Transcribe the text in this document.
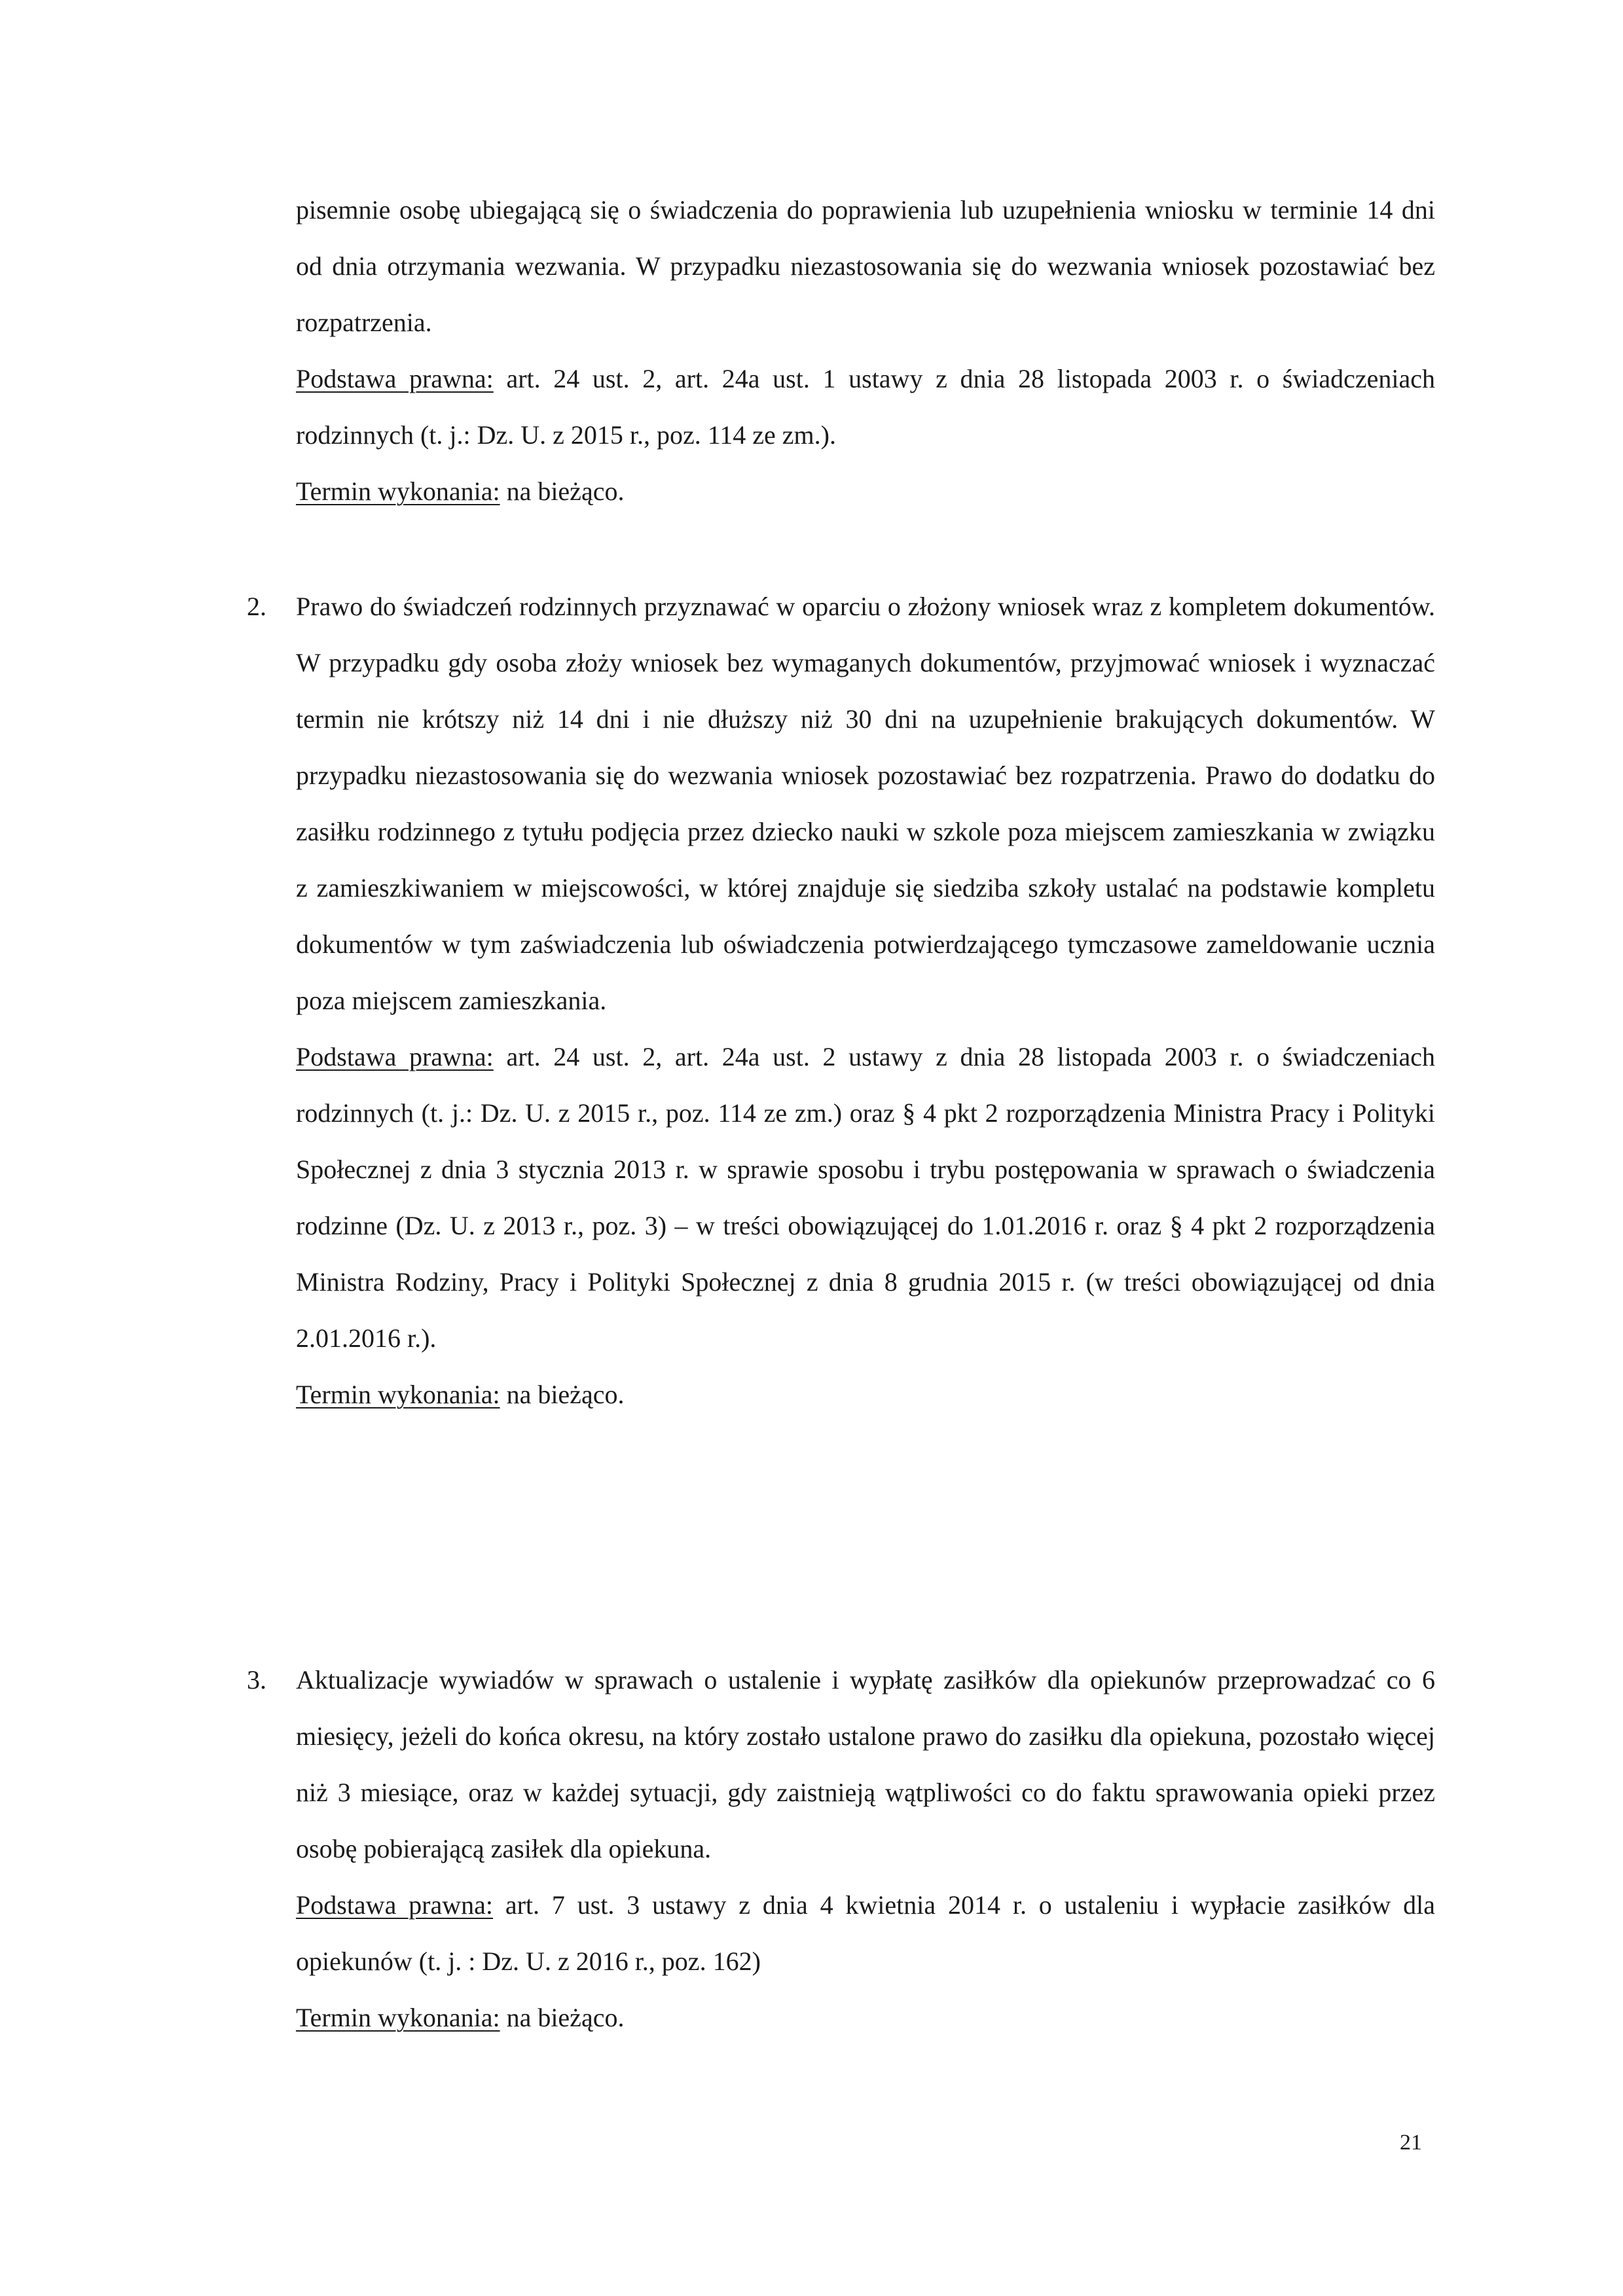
pisemnie osobę ubiegającą się o świadczenia do poprawienia lub uzupełnienia wniosku w terminie 14 dni od dnia otrzymania wezwania. W przypadku niezastosowania się do wezwania wniosek pozostawiać bez rozpatrzenia.

Podstawa prawna: art. 24 ust. 2, art. 24a ust. 1 ustawy z dnia 28 listopada 2003 r. o świadczeniach rodzinnych (t. j.: Dz. U. z 2015 r., poz. 114 ze zm.).

Termin wykonania: na bieżąco.

2. Prawo do świadczeń rodzinnych przyznawać w oparciu o złożony wniosek wraz z kompletem dokumentów. W przypadku gdy osoba złoży wniosek bez wymaganych dokumentów, przyjmować wniosek i wyznaczać termin nie krótszy niż 14 dni i nie dłuższy niż 30 dni na uzupełnienie brakujących dokumentów. W przypadku niezastosowania się do wezwania wniosek pozostawiać bez rozpatrzenia. Prawo do dodatku do zasiłku rodzinnego z tytułu podjęcia przez dziecko nauki w szkole poza miejscem zamieszkania w związku z zamieszkiwaniem w miejscowości, w której znajduje się siedziba szkoły ustalać na podstawie kompletu dokumentów w tym zaświadczenia lub oświadczenia potwierdzającego tymczasowe zameldowanie ucznia poza miejscem zamieszkania.

Podstawa prawna: art. 24 ust. 2, art. 24a ust. 2 ustawy z dnia 28 listopada 2003 r. o świadczeniach rodzinnych (t. j.: Dz. U. z 2015 r., poz. 114 ze zm.) oraz § 4 pkt 2 rozporządzenia Ministra Pracy i Polityki Społecznej z dnia 3 stycznia 2013 r. w sprawie sposobu i trybu postępowania w sprawach o świadczenia rodzinne (Dz. U. z 2013 r., poz. 3) – w treści obowiązującej do 1.01.2016 r. oraz § 4 pkt 2 rozporządzenia Ministra Rodziny, Pracy i Polityki Społecznej z dnia 8 grudnia 2015 r. (w treści obowiązującej od dnia 2.01.2016 r.).

Termin wykonania: na bieżąco.

3. Aktualizacje wywiadów w sprawach o ustalenie i wypłatę zasiłków dla opiekunów przeprowadzać co 6 miesięcy, jeżeli do końca okresu, na który zostało ustalone prawo do zasiłku dla opiekuna, pozostało więcej niż 3 miesiące, oraz w każdej sytuacji, gdy zaistnieją wątpliwości co do faktu sprawowania opieki przez osobę pobierającą zasiłek dla opiekuna.

Podstawa prawna: art. 7 ust. 3 ustawy z dnia 4 kwietnia 2014 r. o ustaleniu i wypłacie zasiłków dla opiekunów (t. j. : Dz. U. z 2016 r., poz. 162)

Termin wykonania: na bieżąco.

21
